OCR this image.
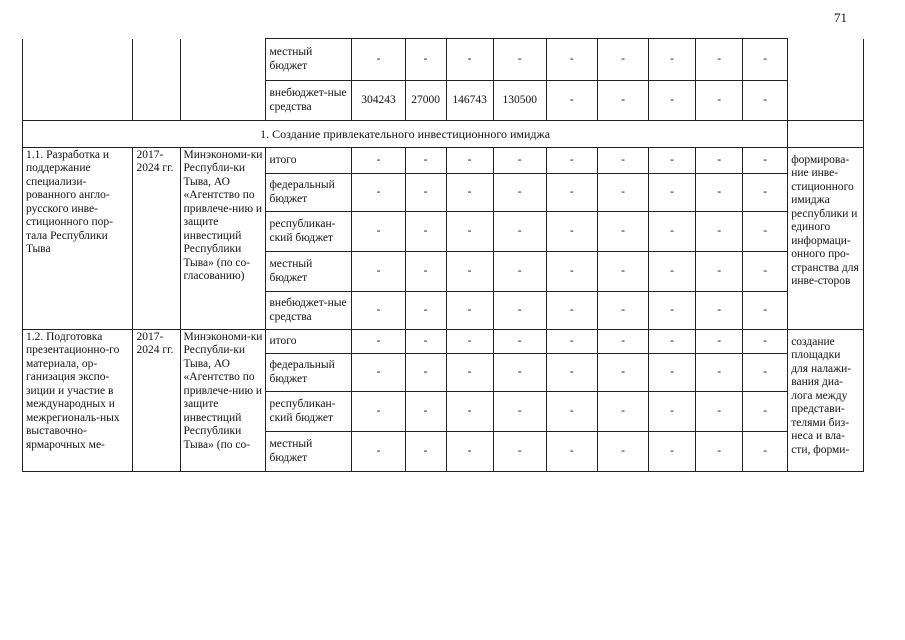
71
			местный бюджет	-	-	-	-	-	-	-	-	-	
			внебюджет-ные средства	304243	27000	146743	130500	-	-	-	-	-	
1. Создание привлекательного инвестиционного имиджа													
1.1. Разработка и поддержание специализи-рованного англо-русского инве-стиционного пор-тала Республики Тыва	2017-2024 гг.	Минэкономи-ки Республи-ки Тыва, АО «Агентство по привлече-нию и защите инвестиций Республики Тыва» (по со-гласованию)	итого	-	-	-	-	-	-	-	-	-	формирова-ние инве-стиционного имиджа республики и единого информаци-онного про-странства для инве-сторов
			федеральный бюджет	-	-	-	-	-	-	-	-	-	
			республикан-ский бюджет	-	-	-	-	-	-	-	-	-	
			местный бюджет	-	-	-	-	-	-	-	-	-	
			внебюджет-ные средства	-	-	-	-	-	-	-	-	-	
1.2. Подготовка презентационно-го материала, ор-ганизация экспо-зиции и участие в международных и межрегиональ-ных выставочно-ярмарочных ме-	2017-2024 гг.	Минэкономи-ки Республи-ки Тыва, АО «Агентство по привлече-нию и защите инвестиций Республики Тыва» (по со-	итого	-	-	-	-	-	-	-	-	-	создание площадки для налажи-вания диа-лога между представи-телями биз-неса и вла-сти, форми-
			федеральный бюджет	-	-	-	-	-	-	-	-	-	
			республикан-ский бюджет	-	-	-	-	-	-	-	-	-	
			местный бюджет	-	-	-	-	-	-	-	-	-	
